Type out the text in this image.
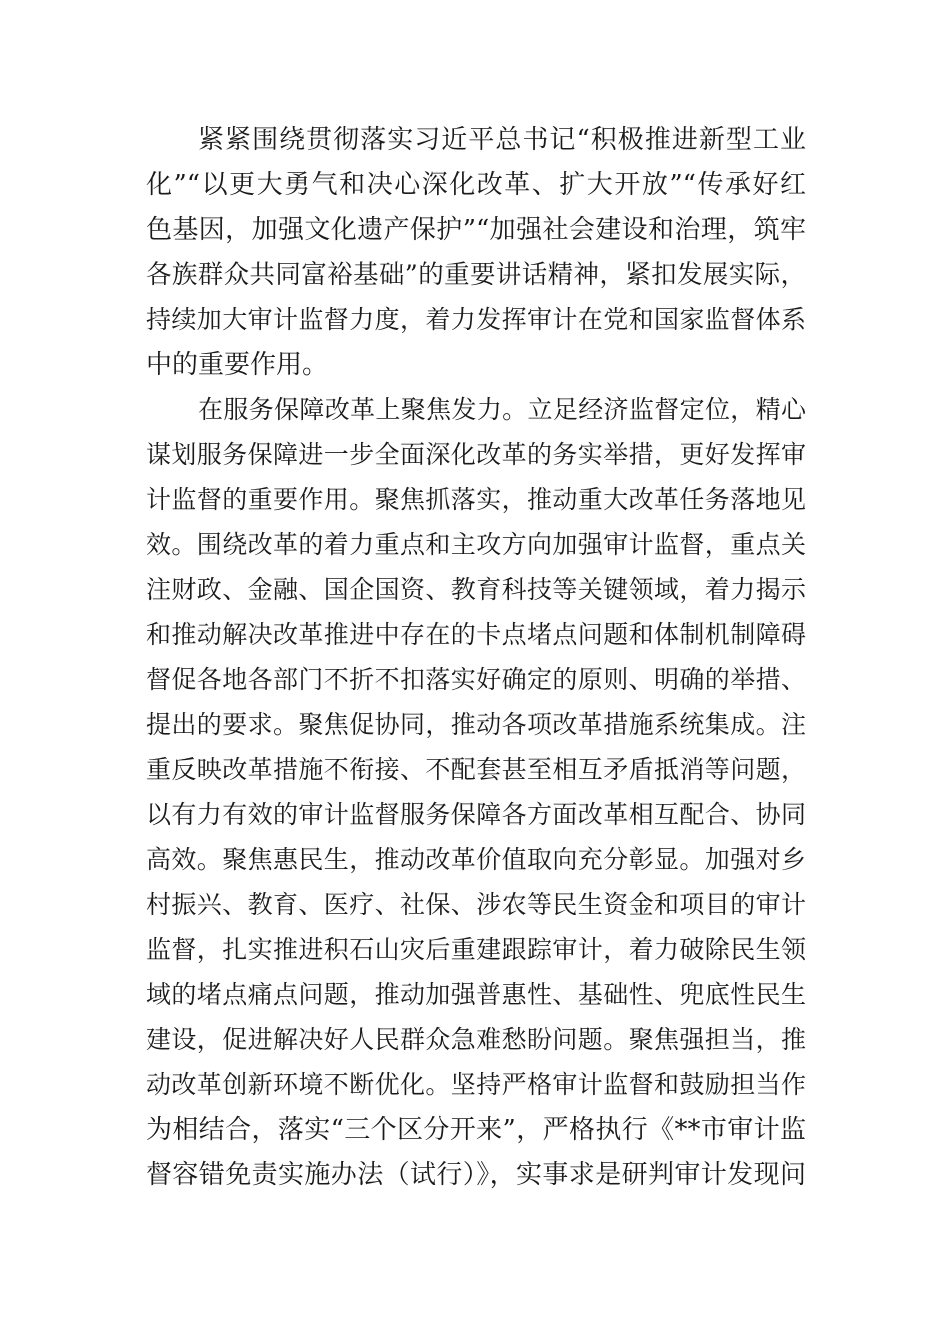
紧紧围绕贯彻落实习近平总书记“积极推进新型工业
化”“以更大勇气和决心深化改革、扩大开放”“传承好红
色基因，加强文化遗产保护”“加强社会建设和治理，筑牢
各族群众共同富裕基础”的重要讲话精神，紧扣发展实际，
持续加大审计监督力度，着力发挥审计在党和国家监督体系
中的重要作用。
在服务保障改革上聚焦发力。立足经济监督定位，精心
谋划服务保障进一步全面深化改革的务实举措，更好发挥审
计监督的重要作用。聚焦抓落实，推动重大改革任务落地见
效。围绕改革的着力重点和主攻方向加强审计监督，重点关
注财政、金融、国企国资、教育科技等关键领域，着力揭示
和推动解决改革推进中存在的卡点堵点问题和体制机制障碍
督促各地各部门不折不扣落实好确定的原则、明确的举措、
提出的要求。聚焦促协同，推动各项改革措施系统集成。注
重反映改革措施不衔接、不配套甚至相互矛盾抵消等问题，
以有力有效的审计监督服务保障各方面改革相互配合、协同
高效。聚焦惠民生，推动改革价值取向充分彰显。加强对乡
村振兴、教育、医疗、社保、涉农等民生资金和项目的审计
监督，扎实推进积石山灾后重建跟踪审计，着力破除民生领
域的堵点痛点问题，推动加强普惠性、基础性、兜底性民生
建设，促进解决好人民群众急难愁盼问题。聚焦强担当，推
动改革创新环境不断优化。坚持严格审计监督和鼓励担当作
为相结合，落实“三个区分开来”，严格执行《**市审计监
督容错免责实施办法（试行）》，实事求是研判审计发现问
